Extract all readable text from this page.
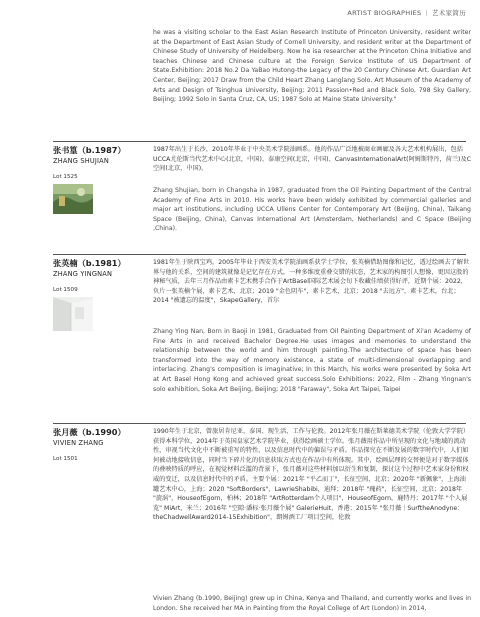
ARTIST BIOGRAPHIES | 艺术家简历

he was a visiting scholar to the East Asian Research Institute of Princeton University, resident writer at the Department of East Asian Study of Cornell University, and resident writer at the Department of Chinese Study of University of Heidelberg. Now he isa researcher at the Princeton China Initiative and teaches Chinese and Chinese culture at the Foreign Service Institute of US Department of State.Exhibition: 2018 No.2 Da YaBao Hutong-the Legacy of the 20 Century Chinese Art, Guardian Art Center, Beijing; 2017 Draw from the Child Heart Zhang Langlang Solo, Art Museum of the Academy of Arts and Design of Tsinghua University, Beijing; 2011 Passion•Red and Black Solo, 798 Sky Gallery, Beijing; 1992 Solo in Santa Cruz, CA, US; 1987 Solo at Maine State University."

张书篁（b.1987）
ZHANG SHUJIAN
Lot 1525

1987年出生于长沙，2010年毕业于中央美术学院油画系。他的作品广泛地被商业画廊及各大艺术机构展出，包括UCCA尤伦斯当代艺术中心(北京，中国)、泰康空间(北京，中国)、CanvasInternationalArt(阿姆斯特丹，荷兰)及C空间(北京，中国)。

Zhang Shujian, born in Changsha in 1987, graduated from the Oil Painting Department of the Central Academy of Fine Arts in 2010. His works have been widely exhibited by commercial galleries and major art institutions, including UCCA Ullens Center for Contemporary Art (Beijing, China), Taikang Space (Beijing, China), Canvas International Art (Amsterdam, Netherlands) and C Space (Beijing ,China).

张英楠（b.1981）
ZHANG YINGNAN
Lot 1509

1981年生于陕西宝鸡，2005年毕业于西安美术学院油画系获学士学位，张英楠借助图像和记忆，透过绘画去了解世界与他的关系，空间的建筑就像是记忆存在方式，一种多维度重叠交错的状态，艺术家的构图引人想像，更因这股的神秘气质，去年三月作品由素卡艺术携手合作于ArtBasel国际艺术展会旬下收藏佳绩获得好评，近期个展：2022，负片一张英楠个展，素卡艺术，北京；2019 "金色阴车"，素卡艺术，北京；2018 "去远方"，素卡艺术，台北；2014 "被遗忘的温度"，SkapeGallery，首尔

Zhang Ying Nan, Born in Baoji in 1981, Graduated from Oil Painting Department of Xi'an Academy of Fine Arts in and received Bachelor Degree.He uses images and memories to understand the relationship between the world and him through painting.The architecture of space has been transformed into the way of memory existence, a state of multi-dimensional overlapping and interlacing. Zhang's composition is imaginative; In this March, his works were presented by Soka Art at Art Basel Hong Kong and achieved great success.Solo Exhibitions: 2022, Film - Zhang Yingnan's solo exhibition, Soka Art Beijing, Beijing; 2018 "Faraway", Soka Art Taipei, Taipei

张月薇（b.1990）
VIVIEN ZHANG
Lot 1501

1990年生于北京，曾旅居肯尼亚、泰国、现生活、工作与伦敦。2012年张月薇在斯莱德美术学院（伦敦大学学院）获得本科学位，2014年于英国皇家艺术学院毕业，获得绘画硕士学位。张月薇用作品中所呈现的文化与地域的流动性，审视当代文化中不断被重写的特性，以及信息时代中的偏误与矛盾。作品探究在不断发展的数字时代中，人们如何被动地接收信息，同时当下碎片化的信息获取方式也在作品中有所体现。其中，绘画层理的交替便是对于数字媒体的叠映特质的呼应，在视觉材料泛滥的背景下，张月薇对这些材料加以衍生和复制，探讨这个过程中艺术家身份和权威的变迁，以及信息时代中的矛盾。主要个展：2021年 "平乙而丁"，长征空间，北京；2020年 "新佩象"，上海油罐艺术中心，上海；2020 "SoftBorders"，LawrieShabibi，迪拜；2018年 "瑰药"，长征空间，北京；2018年 "旋涡"，HouseofEgorn，柏林；2018年 "ArtRotterdam个人项目"，HouseofEgorn，鹿特丹；2017年 "个人展览" MiArt，米兰；2016年 "空隙·潘标·张月薇个展" GalerieHuit，香港；2015年 "张月薇｜SurftheAnodyne：theChadwellAward2014-15Exhibition"，朗姆酒工厂项目空间，伦敦

Vivien Zhang (b.1990, Beijing) grew up in China, Kenya and Thailand, and currently works and lives in London. She received her MA in Painting from the Royal College of Art (London) in 2014,
